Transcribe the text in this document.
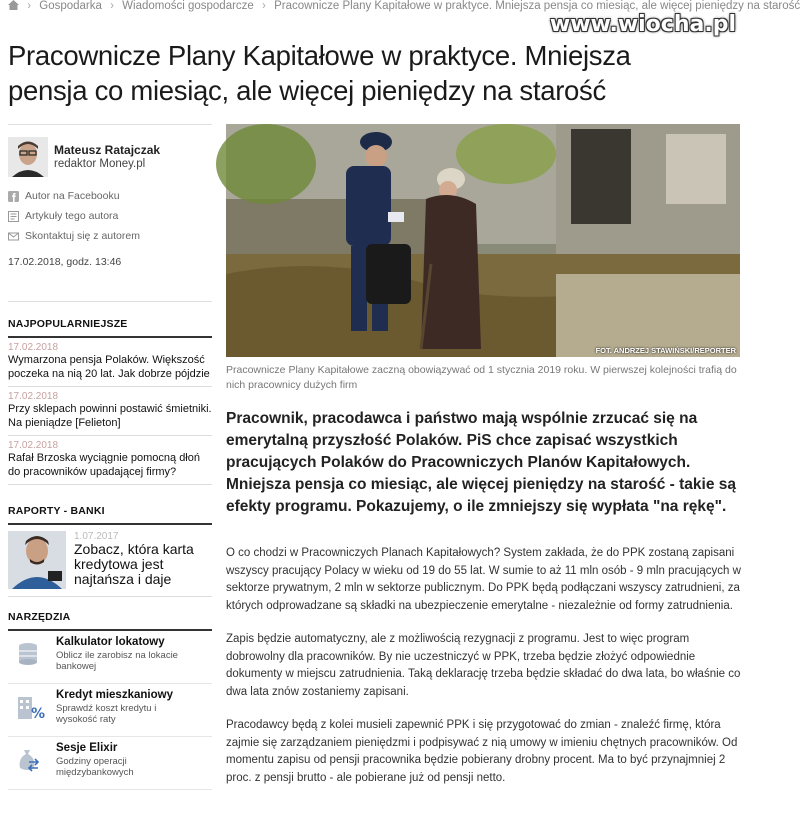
› Gospodarka › Wiadomości gospodarcze › Pracownicze Plany Kapitałowe w praktyce. Mniejsza pensja co miesiąc, ale więcej pieniędzy na starość
www.wiocha.pl
Pracownicze Plany Kapitałowe w praktyce. Mniejsza pensja co miesiąc, ale więcej pieniędzy na starość
Mateusz Ratajczak
redaktor Money.pl
Autor na Facebooku
Artykuły tego autora
Skontaktuj się z autorem
17.02.2018, godz. 13:46
NAJPOPULARNIEJSZE
17.02.2018
Wymarzona pensja Polaków. Większość poczeka na nią 20 lat. Jak dobrze pójdzie
17.02.2018
Przy sklepach powinni postawić śmietniki. Na pieniądze [Felieton]
17.02.2018
Rafał Brzoska wyciągnie pomocną dłoń do pracowników upadającej firmy?
RAPORTY - BANKI
1.07.2017
Zobacz, która karta kredytowa jest najtańsza i daje
NARZĘDZIA
Kalkulator lokatowy
Oblicz ile zarobisz na lokacie bankowej
%
Kredyt mieszkaniowy
Sprawdź koszt kredytu i wysokość raty
Sesje Elixir
Godziny operacji międzybankowych
FOT. ANDRZEJ STAWIŃSKI/REPORTER
Pracownicze Plany Kapitałowe zaczną obowiązywać od 1 stycznia 2019 roku. W pierwszej kolejności trafią do nich pracownicy dużych firm
Pracownik, pracodawca i państwo mają wspólnie zrzucać się na emerytalną przyszłość Polaków. PiS chce zapisać wszystkich pracujących Polaków do Pracowniczych Planów Kapitałowych. Mniejsza pensja co miesiąc, ale więcej pieniędzy na starość - takie są efekty programu. Pokazujemy, o ile zmniejszy się wypłata "na rękę".

O co chodzi w Pracowniczych Planach Kapitałowych? System zakłada, że do PPK zostaną zapisani wszyscy pracujący Polacy w wieku od 19 do 55 lat. W sumie to aż 11 mln osób - 9 mln pracujących w sektorze prywatnym, 2 mln w sektorze publicznym. Do PPK będą podłączani wszyscy zatrudnieni, za których odprowadzane są składki na ubezpieczenie emerytalne - niezależnie od formy zatrudnienia.

Zapis będzie automatyczny, ale z możliwością rezygnacji z programu. Jest to więc program dobrowolny dla pracowników. By nie uczestniczyć w PPK, trzeba będzie złożyć odpowiednie dokumenty w miejscu zatrudnienia. Taką deklarację trzeba będzie składać do dwa lata, bo właśnie co dwa lata znów zostaniemy zapisani.

Pracodawcy będą z kolei musieli zapewnić PPK i się przygotować do zmian - znaleźć firmę, która zajmie się zarządzaniem pieniędzmi i podpisywać z nią umowy w imieniu chętnych pracowników. Od momentu zapisu od pensji pracownika będzie pobierany drobny procent. Ma to być przynajmniej 2 proc. z pensji brutto - ale pobierane już od pensji netto.
